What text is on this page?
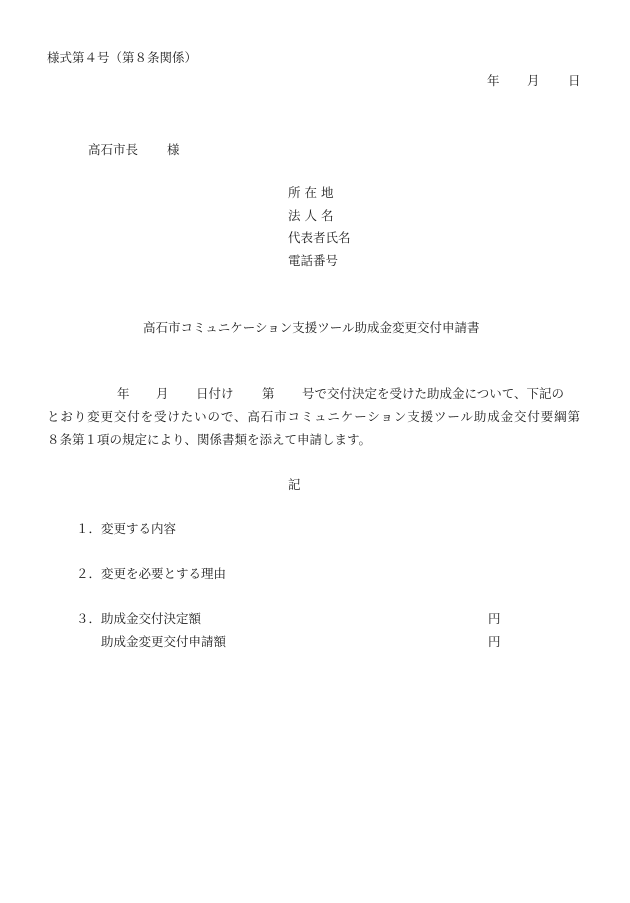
様式第４号（第８条関係）
年 月 日
高石市長 様
所 在 地
法 人 名
代表者氏名
電話番号
高石市コミュニケーション支援ツール助成金変更交付申請書
年 月 日付け 第 号で交付決定を受けた助成金について、下記の
とおり変更交付を受けたいので、高石市コミュニケーション支援ツール助成金交付要綱第
８条第１項の規定により、関係書類を添えて申請します。
記
１． 変更する内容
２． 変更を必要とする理由
３． 助成金交付決定額	円
助成金変更交付申請額	円
